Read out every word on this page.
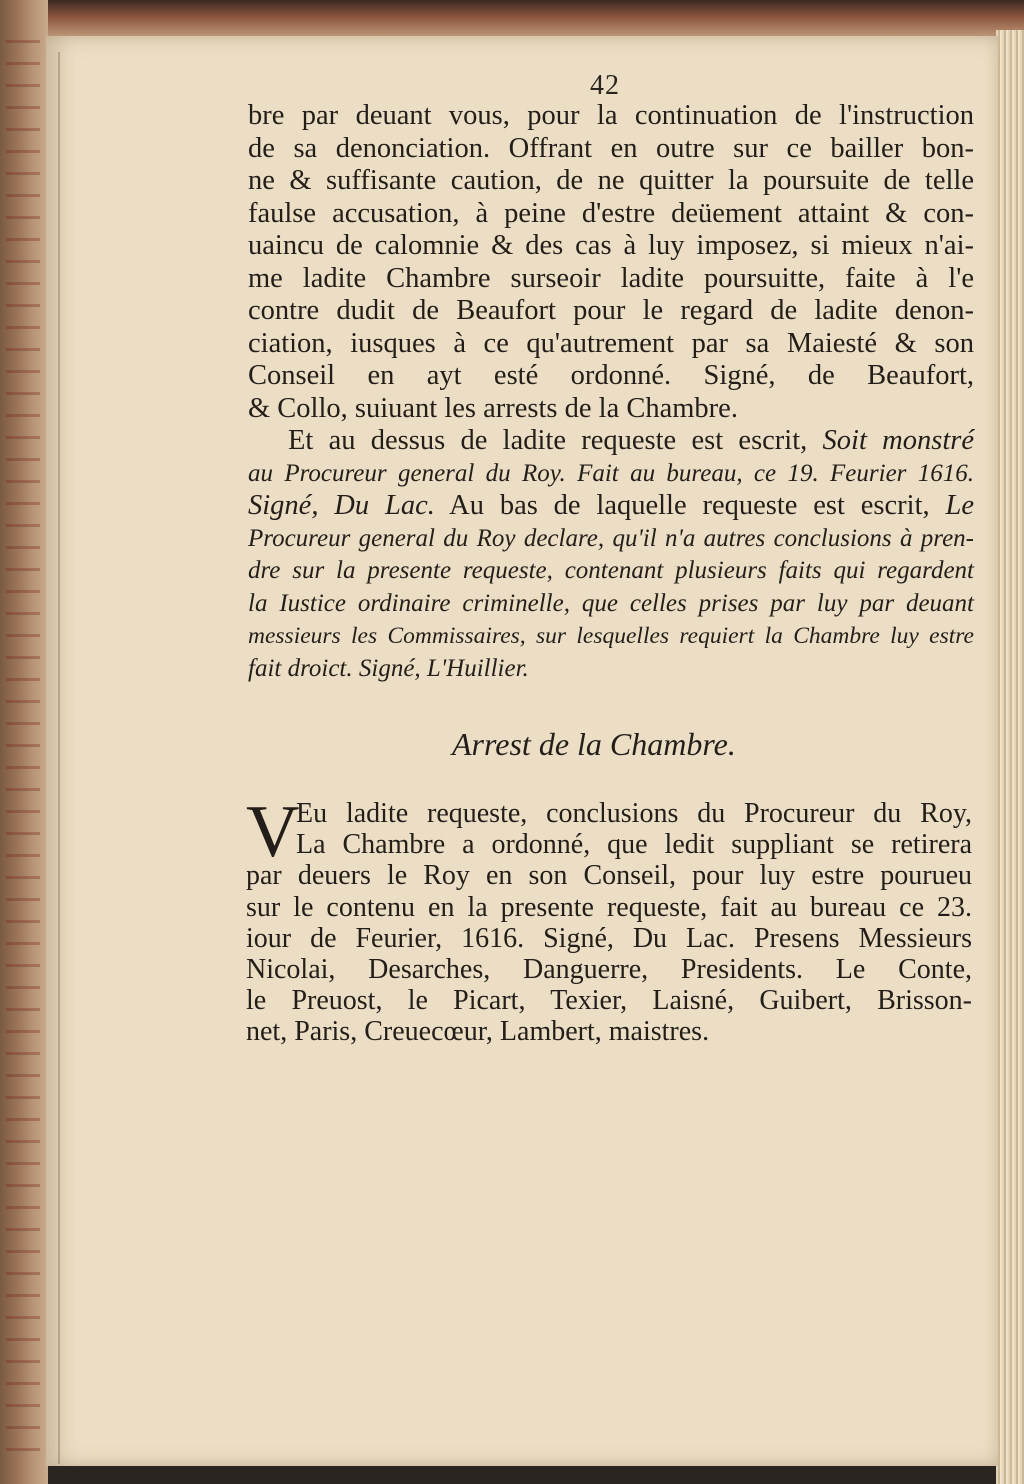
42
bre par deuant vous, pour la continuation de l'instruction
de sa denonciation. Offrant en outre sur ce bailler bon-
ne & suffisante caution, de ne quitter la poursuite de telle
faulse accusation, à peine d'estre deüement attaint & con-
uaincu de calomnie & des cas à luy imposez, si mieux n'ai-
me ladite Chambre surseoir ladite poursuitte, faite à l'e
contre dudit de Beaufort pour le regard de ladite denon-
ciation, iusques à ce qu'autrement par sa Maiesté & son
Conseil en ayt esté ordonné. Signé, de Beaufort,
& Collo, suiuant les arrests de la Chambre.
Et au dessus de ladite requeste est escrit, Soit monstré
au Procureur general du Roy. Fait au bureau, ce 19. Feurier 1616.
Signé, Du Lac. Au bas de laquelle requeste est escrit, Le
Procureur general du Roy declare, qu'il n'a autres conclusions à pren-
dre sur la presente requeste, contenant plusieurs faits qui regardent
la Iustice ordinaire criminelle, que celles prises par luy par deuant
messieurs les Commissaires, sur lesquelles requiert la Chambre luy estre
fait droict. Signé, L'Huillier.
Arrest de la Chambre.
V
Eu ladite requeste, conclusions du Procureur du Roy,
La Chambre a ordonné, que ledit suppliant se retirera
par deuers le Roy en son Conseil, pour luy estre pourueu
sur le contenu en la presente requeste, fait au bureau ce 23.
iour de Feurier, 1616. Signé, Du Lac. Presens Messieurs
Nicolai, Desarches, Danguerre, Presidents. Le Conte,
le Preuost, le Picart, Texier, Laisné, Guibert, Brisson-
net, Paris, Creuecœur, Lambert, maistres.
